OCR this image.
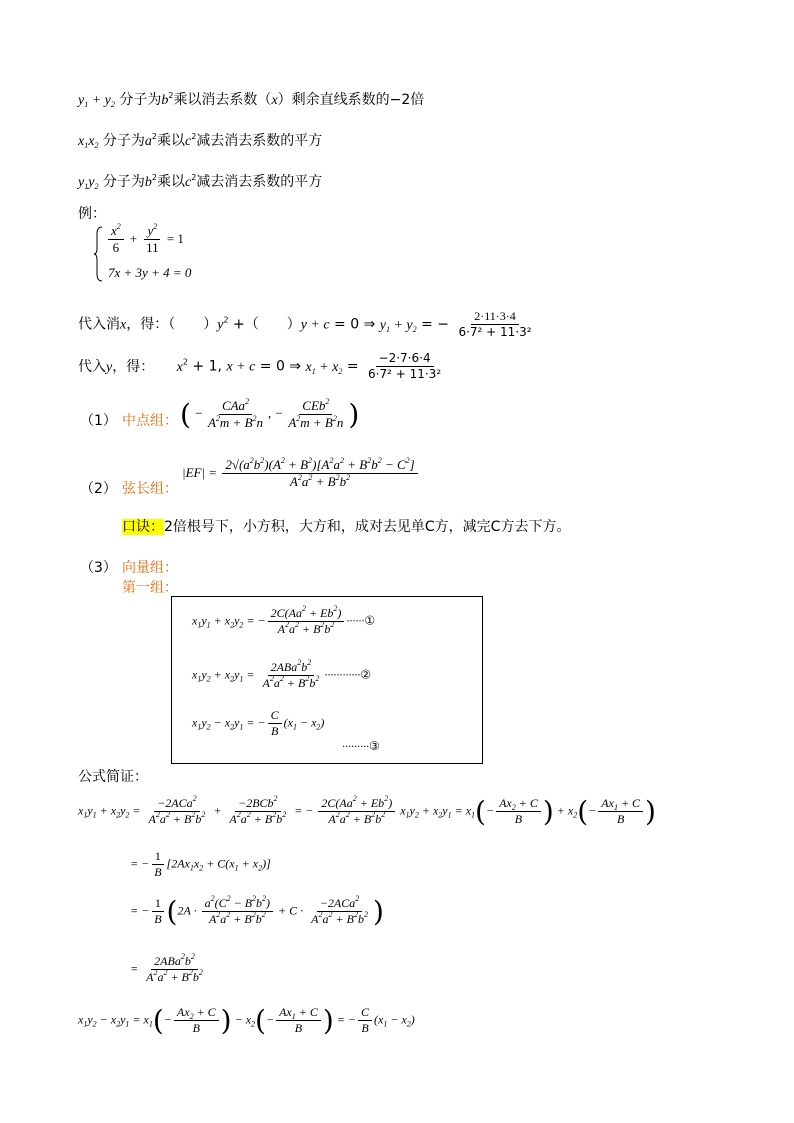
$y_1 + y_2$ 分子为$b^2$乘以消去系数（x）剩余直线系数的−2倍
$x_1x_2$ 分子为$a^2$乘以$c^2$减去消去系数的平方
$y_1y_2$ 分子为$b^2$乘以$c^2$减去消去系数的平方
例：
$\frac{x^2}{6} + \frac{y^2}{11} = 1$
7x + 3y + 4 = 0
代入消x，得：（　　）$y^2$ +（　　）y + c = 0 ⇒ $y_1 + y_2$ = − $\frac{2\cdot 11\cdot 3\cdot 4}{\text{6·7² + 11·3²}}$
代入y，得： $x^2 + 1$, x + c = 0 ⇒ $x_1 + x_2 = \frac{-2\cdot 7\cdot 6\cdot 4}{\text{6·7² + 11·3²}}$
（1） 中点组： ( − $\frac{CAa^2}{A^2m + B^2n}$ , − $\frac{CEb^2}{A^2m + B^2n}$ )
（2） 弦长组：
$|EF| = \frac{2√(a^2b^2)(A^2 + B^2)[A^2a^2 + B^2b^2 - C^2]}{A^2a^2 + B^2b^2}$
口诀：2倍根号下，小方积，大方和，成对去见单C方，减完C方去下方。
（3） 向量组：
第一组：
$x_1y_1 + x_2y_2$ = − $\frac{2C(Aa^2 + Eb^2)}{A^2a^2 + B^2b^2}$ ······①
$x_1y_2 + x_2y_1 = \frac{2ABa^2b^2}{A^2a^2 + B^2b^2}$ ············②
$x_1y_2 - x_2y_1$ = − $\frac{C}{B} (x_1 - x_2)$
·········③
公式简证：
$x_1y_1 + x_2y_2 = \frac{-2ACa^2}{A^2a^2 + B^2b^2} + \frac{-2BCb^2}{A^2a^2 + B^2b^2}$ = − $\frac{2C(Aa^2 + Eb^2)}{A^2a^2 + B^2b^2} x_1y_2 + x_2y_1 = x_1(- \frac{Ax_2 + C}{B}$ ) + $x_2(- \frac{Ax_1 + C}{B}$ )
= − $\frac{1}{B} [2Ax_1x_2 + C(x_1 + x_2)]$
= − $\frac{1}{B} (2A \cdot \frac{a^2(C^2 - B^2b^2)}{A^2a^2 + B^2b^2} + C \cdot \frac{-2ACa^2}{A^2a^2 + B^2b^2}$ )
= $\frac{2ABa^2b^2}{A^2a^2 + B^2b^2}$
$x_1y_2 - x_2y_1 = x_1(- \frac{Ax_2 + C}{B}$ ) − $x_2(- \frac{Ax_1 + C}{B}$ ) = − $\frac{C}{B} (x_1 - x_2)$
